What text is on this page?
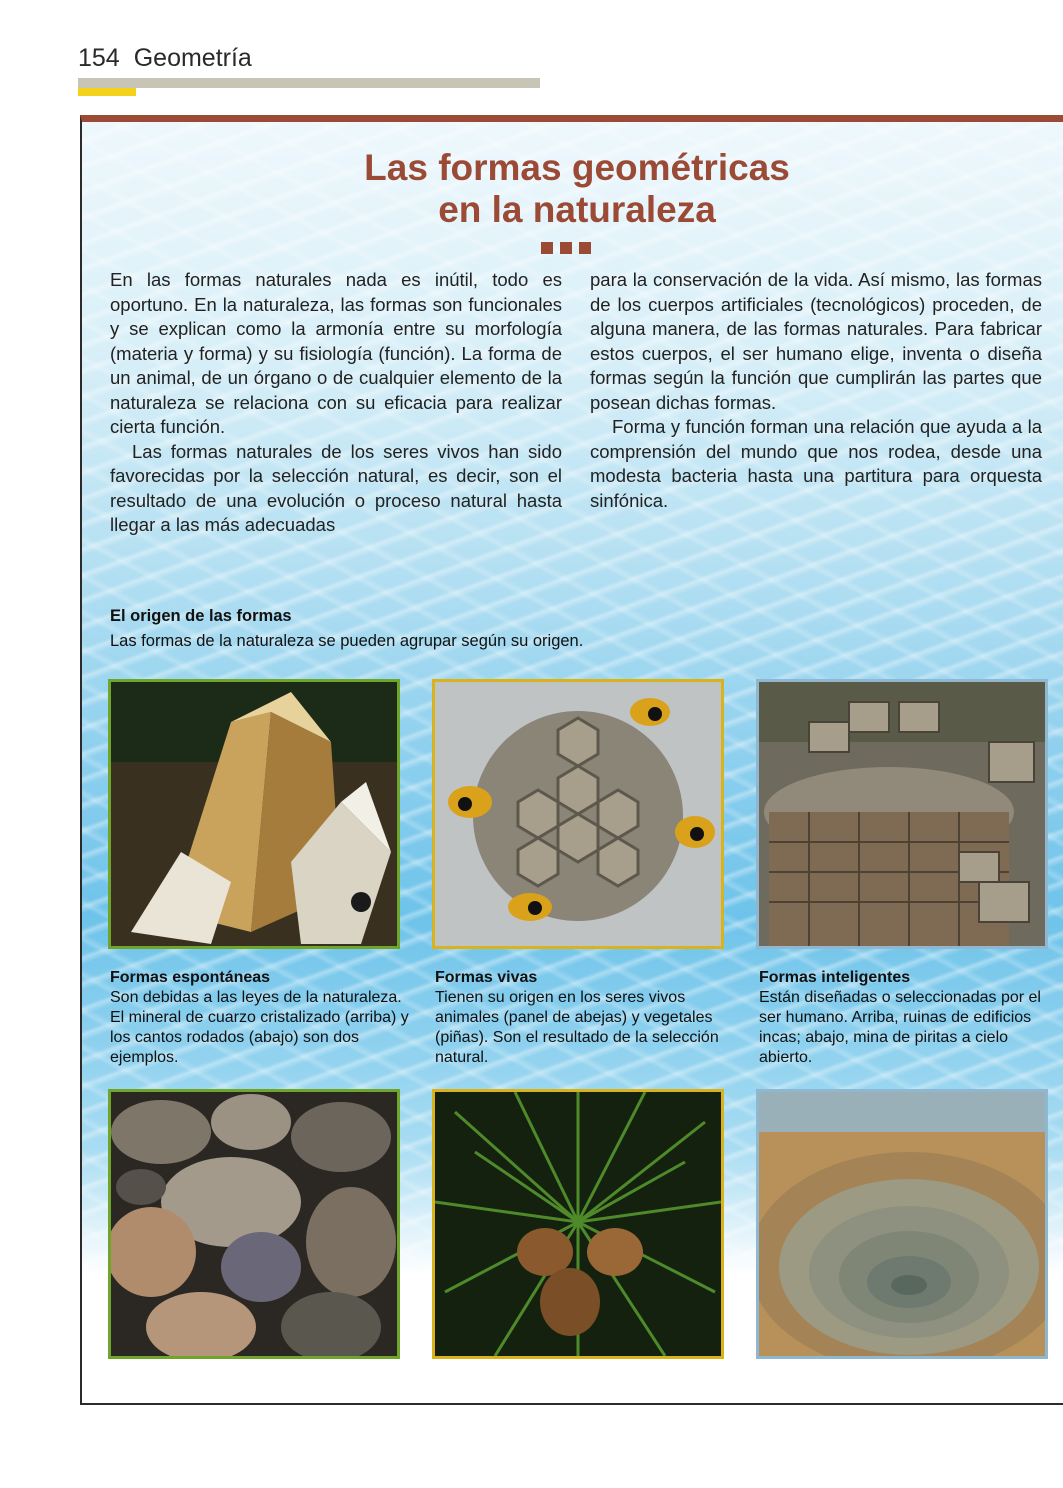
154 Geometría
Las formas geométricas
en la naturaleza

En las formas naturales nada es inútil, todo es oportuno. En la naturaleza, las formas son funcionales y se explican como la armonía entre su morfología (materia y forma) y su fisiología (función). La forma de un animal, de un órgano o de cualquier elemento de la naturaleza se relaciona con su eficacia para realizar cierta función.

Las formas naturales de los seres vivos han sido favorecidas por la selección natural, es decir, son el resultado de una evolución o proceso natural hasta llegar a las más adecuadas

para la conservación de la vida. Así mismo, las formas de los cuerpos artificiales (tecnológicos) proceden, de alguna manera, de las formas naturales. Para fabricar estos cuerpos, el ser humano elige, inventa o diseña formas según la función que cumplirán las partes que posean dichas formas.

Forma y función forman una relación que ayuda a la comprensión del mundo que nos rodea, desde una modesta bacteria hasta una partitura para orquesta sinfónica.

El origen de las formas
Las formas de la naturaleza se pueden agrupar según su origen.
Formas espontáneas
Son debidas a las leyes de la naturaleza. El mineral de cuarzo cristalizado (arriba) y los cantos rodados (abajo) son dos ejemplos.
Formas vivas
Tienen su origen en los seres vivos animales (panel de abejas) y vegetales (piñas). Son el resultado de la selección natural.
Formas inteligentes
Están diseñadas o seleccionadas por el ser humano. Arriba, ruinas de edificios incas; abajo, mina de piritas a cielo abierto.
